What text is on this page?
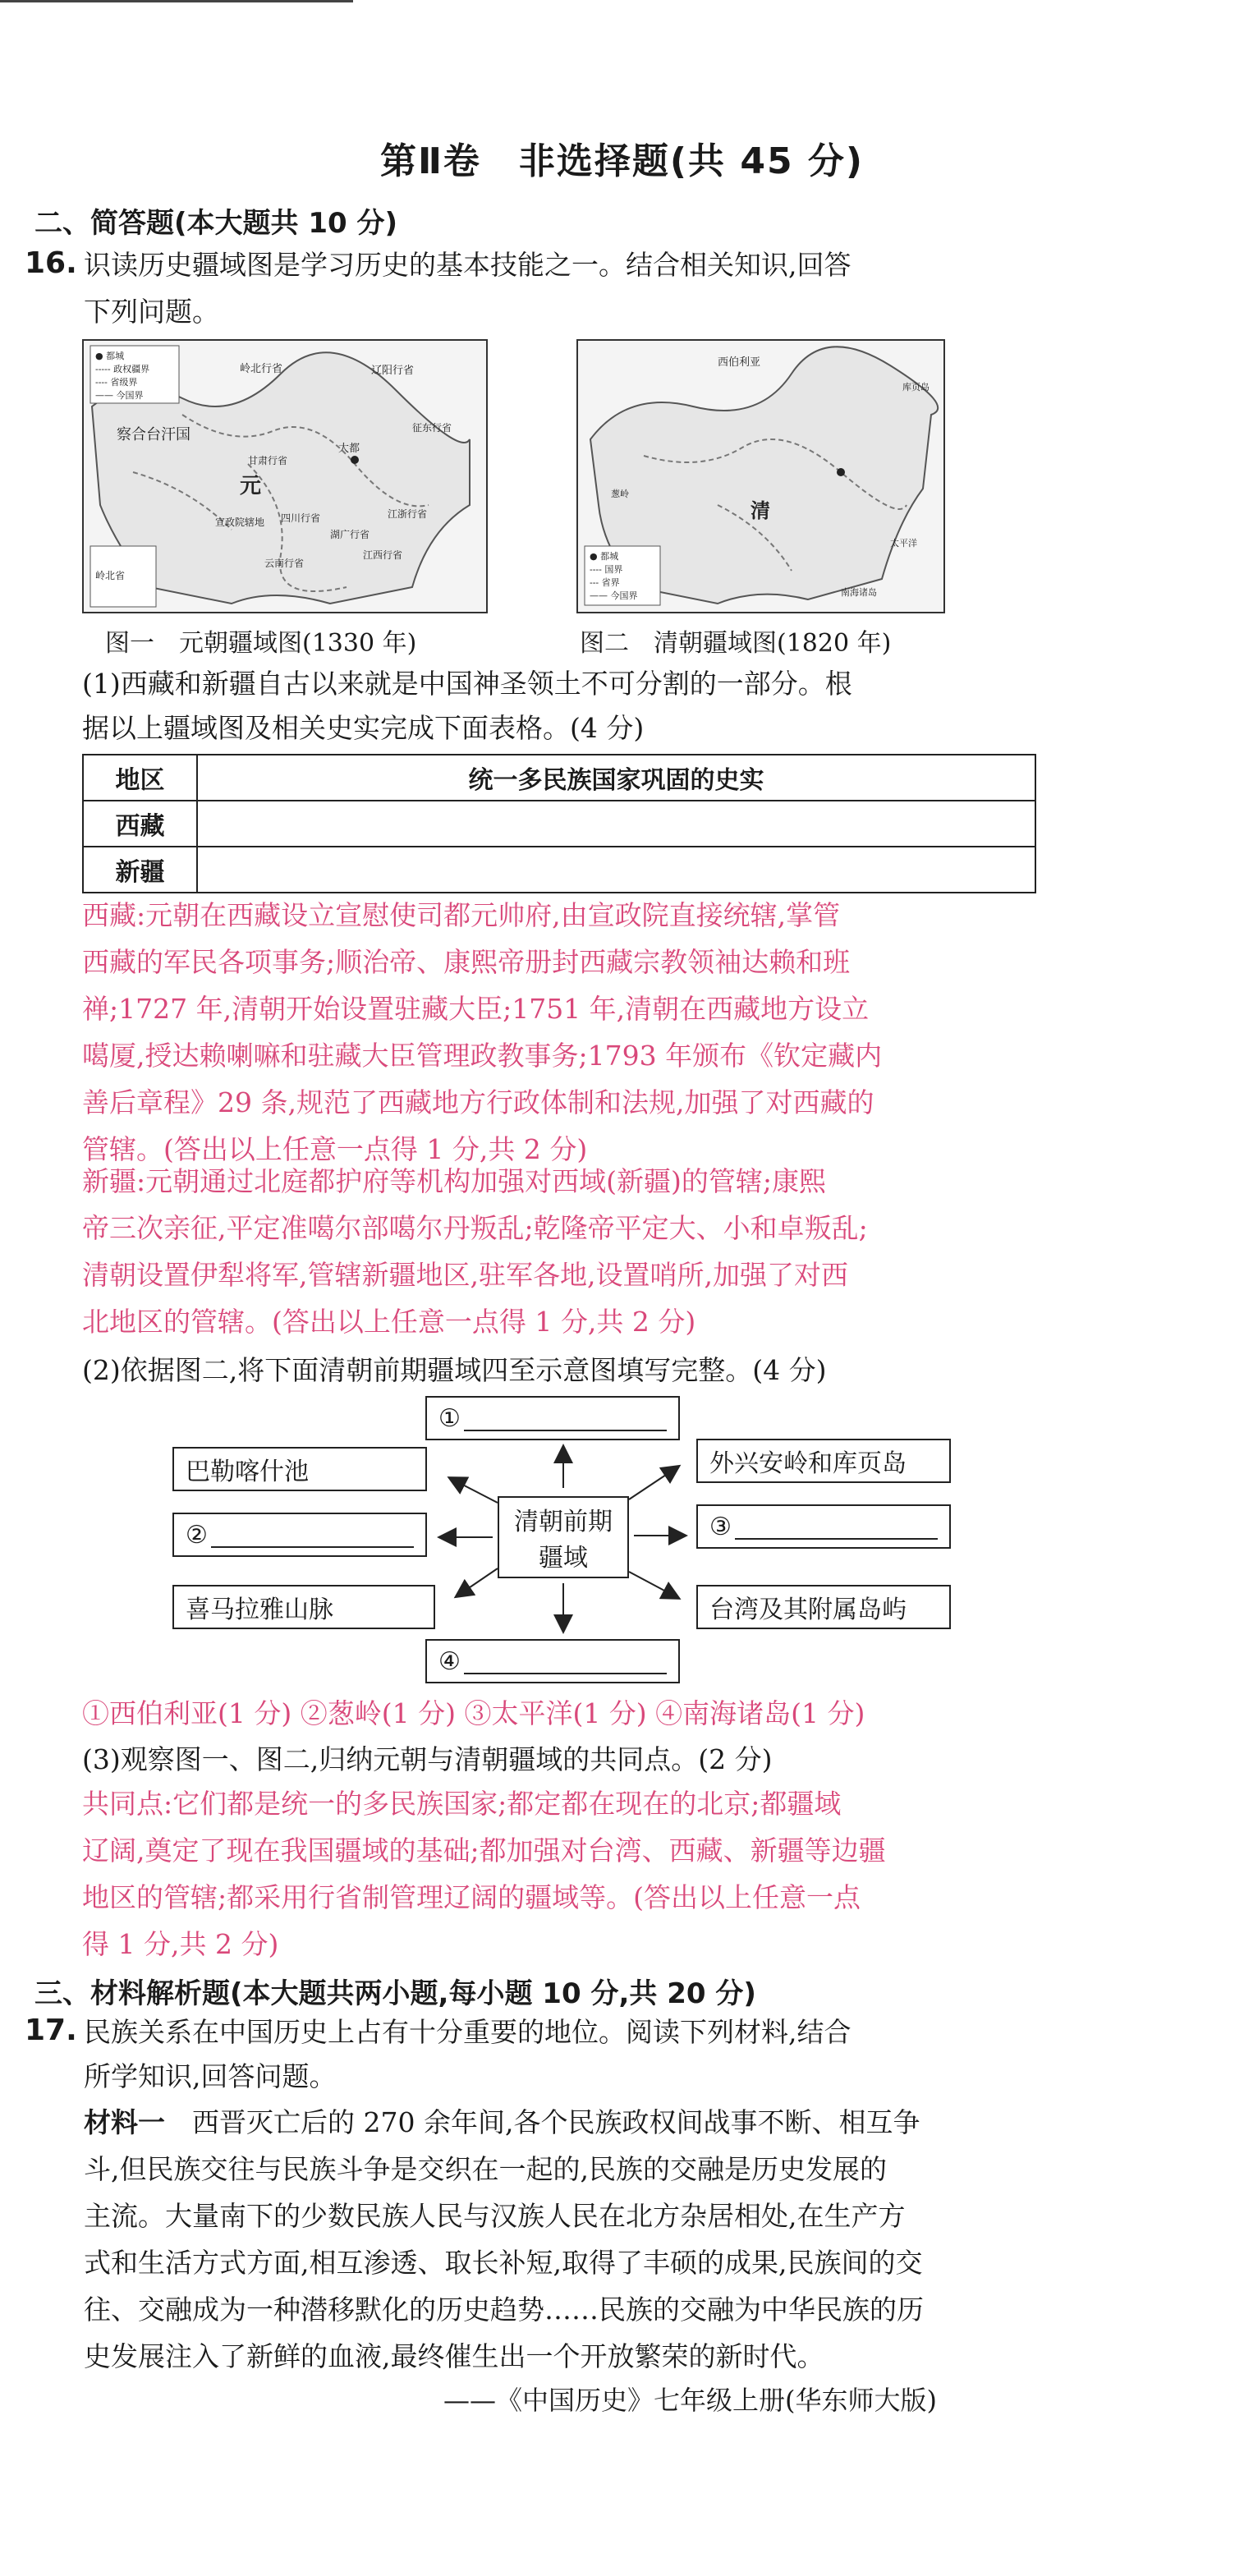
第Ⅱ卷　非选择题(共 45 分)
二、简答题(本大题共 10 分)
16. 识读历史疆域图是学习历史的基本技能之一。结合相关知识,回答
下列问题。
● 都城
----- 政权疆界
---- 省级界
—— 今国界
岭北行省	辽阳行省
大都
元
甘肃行省
察合台汗国
宣政院辖地 四川行省
湖广行省
云南行省
江浙行省
江西行省
征东行省
岭北省
西伯利亚
清
库页岛
葱岭
南海诸岛
太平洋
● 都城
---- 国界
--- 省界
—— 今国界
图一　元朝疆域图(1330 年)	图二　清朝疆域图(1820 年)
(1)西藏和新疆自古以来就是中国神圣领土不可分割的一部分。根
据以上疆域图及相关史实完成下面表格。(4 分)
地区	统一多民族国家巩固的史实
西藏	
新疆	
西藏:元朝在西藏设立宣慰使司都元帅府,由宣政院直接统辖,掌管
西藏的军民各项事务;顺治帝、康熙帝册封西藏宗教领袖达赖和班
禅;1727 年,清朝开始设置驻藏大臣;1751 年,清朝在西藏地方设立
噶厦,授达赖喇嘛和驻藏大臣管理政教事务;1793 年颁布《钦定藏内
善后章程》29 条,规范了西藏地方行政体制和法规,加强了对西藏的
管辖。(答出以上任意一点得 1 分,共 2 分)
新疆:元朝通过北庭都护府等机构加强对西域(新疆)的管辖;康熙
帝三次亲征,平定准噶尔部噶尔丹叛乱;乾隆帝平定大、小和卓叛乱;
清朝设置伊犁将军,管辖新疆地区,驻军各地,设置哨所,加强了对西
北地区的管辖。(答出以上任意一点得 1 分,共 2 分)
(2)依据图二,将下面清朝前期疆域四至示意图填写完整。(4 分)
①
巴勒喀什池	外兴安岭和库页岛
②	清朝前期
疆域
③
喜马拉雅山脉	台湾及其附属岛屿
④
①西伯利亚(1 分) ②葱岭(1 分) ③太平洋(1 分) ④南海诸岛(1 分)
(3)观察图一、图二,归纳元朝与清朝疆域的共同点。(2 分)
共同点:它们都是统一的多民族国家;都定都在现在的北京;都疆域
辽阔,奠定了现在我国疆域的基础;都加强对台湾、西藏、新疆等边疆
地区的管辖;都采用行省制管理辽阔的疆域等。(答出以上任意一点
得 1 分,共 2 分)
三、材料解析题(本大题共两小题,每小题 10 分,共 20 分)
17. 民族关系在中国历史上占有十分重要的地位。阅读下列材料,结合
所学知识,回答问题。
材料一　西晋灭亡后的 270 余年间,各个民族政权间战事不断、相互争
斗,但民族交往与民族斗争是交织在一起的,民族的交融是历史发展的
主流。大量南下的少数民族人民与汉族人民在北方杂居相处,在生产方
式和生活方式方面,相互渗透、取长补短,取得了丰硕的成果,民族间的交
往、交融成为一种潜移默化的历史趋势……民族的交融为中华民族的历
史发展注入了新鲜的血液,最终催生出一个开放繁荣的新时代。
——《中国历史》七年级上册(华东师大版)
